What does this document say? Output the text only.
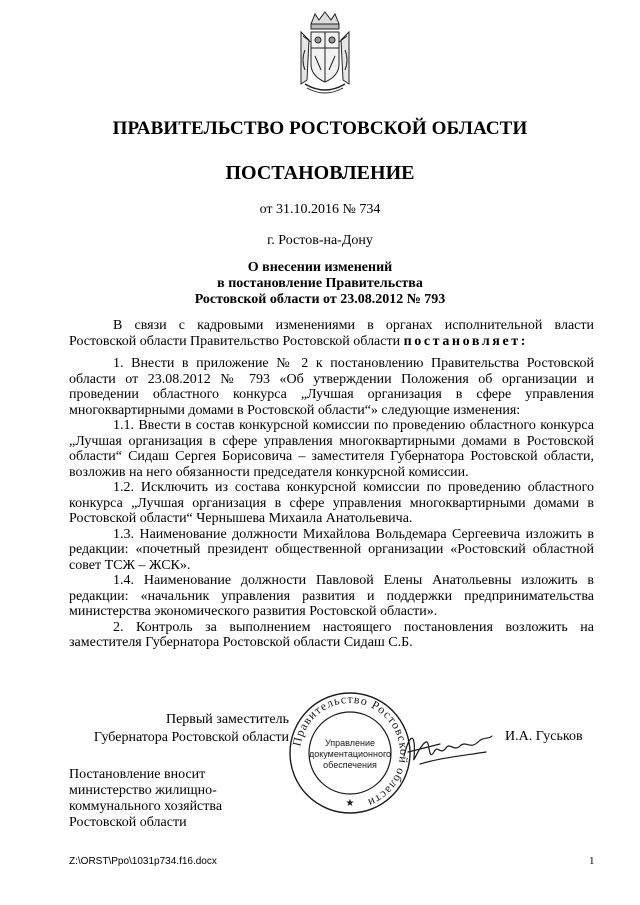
ПРАВИТЕЛЬСТВО РОСТОВСКОЙ ОБЛАСТИ
ПОСТАНОВЛЕНИЕ
от 31.10.2016 № 734
г. Ростов-на-Дону
О внесении изменений
в постановление Правительства
Ростовской области от 23.08.2012 № 793

В связи с кадровыми изменениями в органах исполнительной власти Ростовской области Правительство Ростовской области постановляет:

1. Внести в приложение № 2 к постановлению Правительства Ростовской области от 23.08.2012 № 793 «Об утверждении Положения об организации и проведении областного конкурса „Лучшая организация в сфере управления многоквартирными домами в Ростовской области“» следующие изменения:

1.1. Ввести в состав конкурсной комиссии по проведению областного конкурса „Лучшая организация в сфере управления многоквартирными домами в Ростовской области“ Сидаш Сергея Борисовича – заместителя Губернатора Ростовской области, возложив на него обязанности председателя конкурсной комиссии.

1.2. Исключить из состава конкурсной комиссии по проведению областного конкурса „Лучшая организация в сфере управления многоквартирными домами в Ростовской области“ Чернышева Михаила Анатольевича.

1.3. Наименование должности Михайлова Вольдемара Сергеевича изложить в редакции: «почетный президент общественной организации «Ростовский областной совет ТСЖ – ЖСК».

1.4. Наименование должности Павловой Елены Анатольевны изложить в редакции: «начальник управления развития и поддержки предпринимательства министерства экономического развития Ростовской области».

2. Контроль за выполнением настоящего постановления возложить на заместителя Губернатора Ростовской области Сидаш С.Б.

Первый заместитель
Губернатора Ростовской области Правительство Ростовской области
Управление
документационного
обеспечения
★
И.А. Гуськов
Постановление вносит
министерство жилищно-
коммунального хозяйства
Ростовской области
Z:\ORST\Ppo\1031p734.f16.docx	1
